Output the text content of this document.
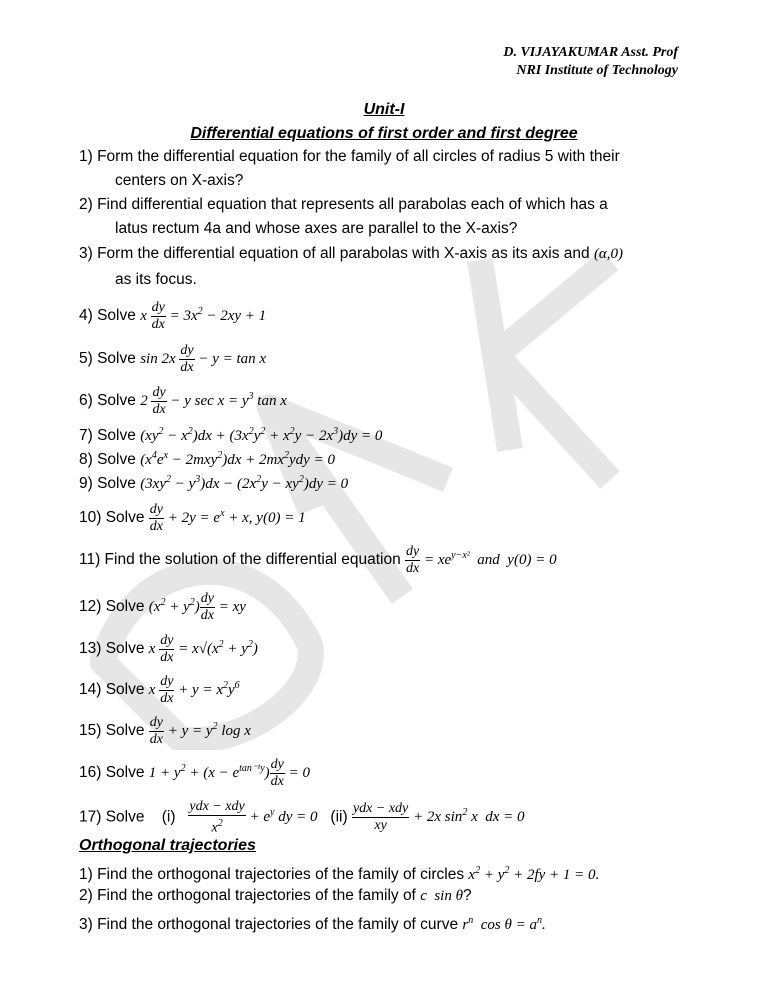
D. VIJAYAKUMAR Asst. Prof
NRI Institute of Technology
Unit-I
Differential equations of first order and first degree
1) Form the differential equation for the family of all circles of radius 5 with their
centers on X-axis?
2) Find differential equation that represents all parabolas each of which has a
latus rectum 4a and whose axes are parallel to the X-axis?
3) Form the differential equation of all parabolas with X-axis as its axis and (α,0)
as its focus.
4) Solve x $\frac{dy}{dx} = 3x^2 - 2xy + 1$
5) Solve $\sin 2x \frac{dy}{dx} - y = \tan x$
6) Solve $2 \frac{dy}{dx} - y$ $\sec x = y^3$ tan x
7) Solve $(xy^2 - x^2)dx + (3x^2y^2 + x^2y - 2x^3)dy = 0$
8) Solve $(x^4e^x - 2mxy^2)dx + 2mx^2ydy = 0$
9) Solve $(3xy^2 - y^3)dx - (2x^2y - xy^2)dy = 0$
10) Solve $\frac{dy}{dx} + 2y = e^x + x$, y(0) = 1
11) Find the solution of the differential equation $\frac{dy}{dx} = xe^{y-x^2}$  and  y(0) = 0
12) Solve $(x^2 + y^2) \frac{dy}{dx}$ = xy
13) Solve x $\frac{dy}{dx} = x√(x^2 + y^2)$
14) Solve x $\frac{dy}{dx} + y = x^2y^6$
15) Solve $\frac{dy}{dx} + y = y^2$ log x
16) Solve $1 + y^2 + (x - e^{tan^{-1}y}) \frac{dy}{dx} = 0$
17) Solve $(i) \frac{\text{ydx − xdy}}{x^2} + e^y$ dy = 0 $(ii) \frac{\text{ydx − xdy}}{xy} + 2x$ $\sin^2 x$  dx = 0
Orthogonal trajectories
1) Find the orthogonal trajectories of the family of circles $x^2 + y^2 + 2fy + 1 = 0$.
2) Find the orthogonal trajectories of the family of c  sin θ?
3) Find the orthogonal trajectories of the family of curve $r^n$  $\cos \theta = a^n$.
